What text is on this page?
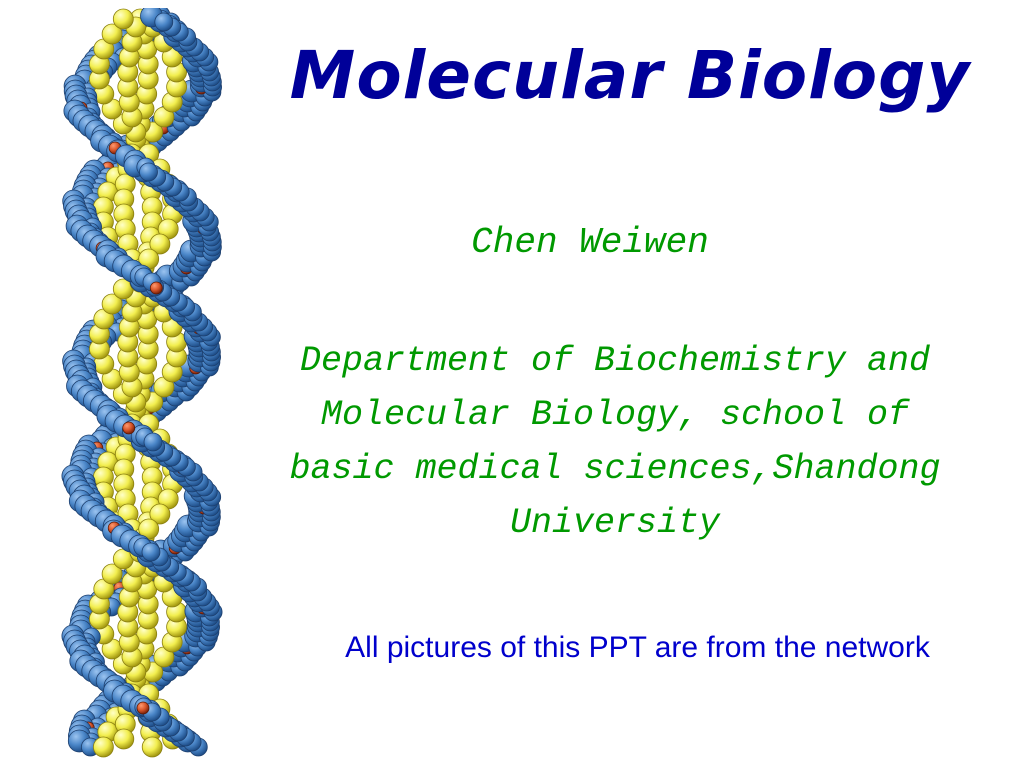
Molecular Biology
Chen Weiwen
Department of Biochemistry and
Molecular Biology, school of
basic medical sciences,Shandong
University
All pictures of this PPT are from the network
